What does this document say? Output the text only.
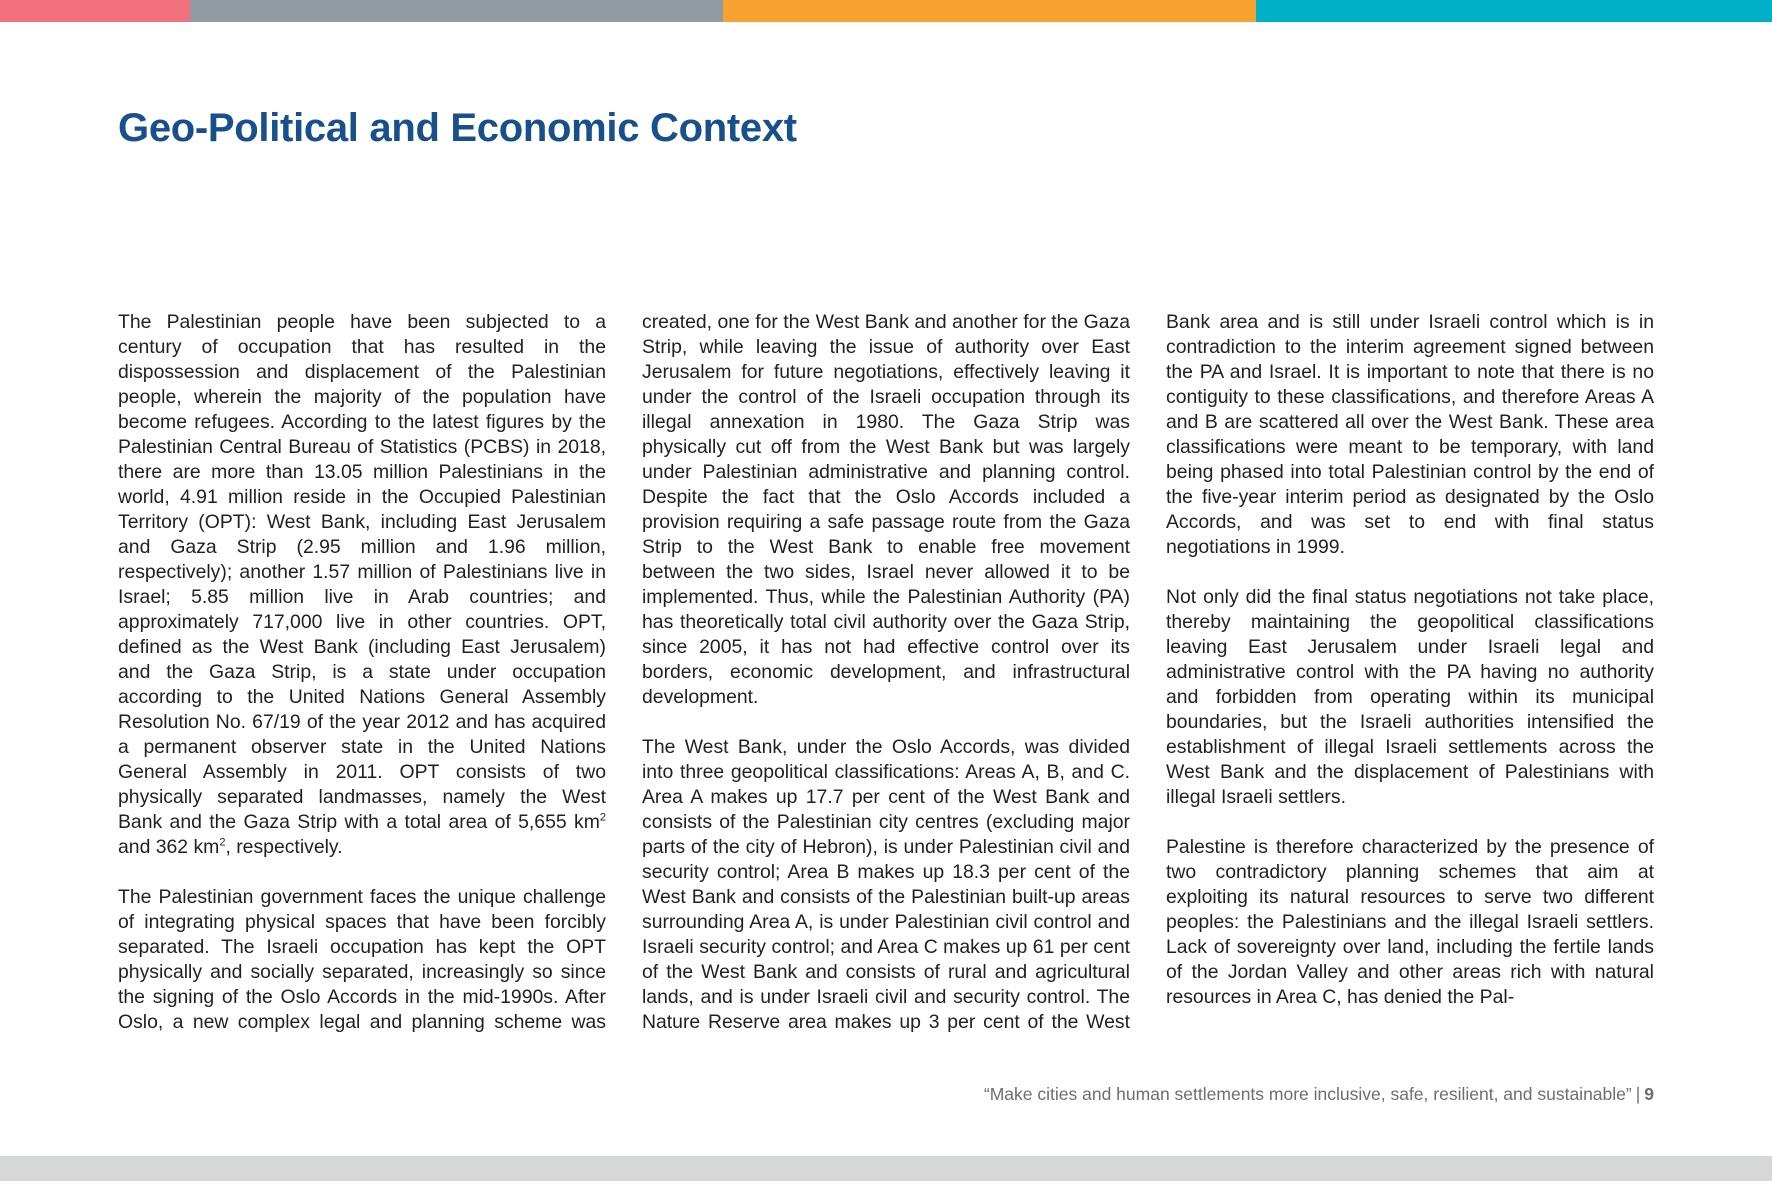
Geo-Political and Economic Context

The Palestinian people have been subjected to a century of occupation that has resulted in the dispossession and displacement of the Palestinian people, wherein the majority of the population have become refugees. According to the latest figures by the Palestinian Central Bureau of Statistics (PCBS) in 2018, there are more than 13.05 million Palestinians in the world, 4.91 million reside in the Occupied Palestinian Territory (OPT): West Bank, including East Jerusalem and Gaza Strip (2.95 million and 1.96 million, respectively); another 1.57 million of Palestinians live in Israel; 5.85 million live in Arab countries; and approximately 717,000 live in other countries. OPT, defined as the West Bank (including East Jerusalem) and the Gaza Strip, is a state under occupation according to the United Nations General Assembly Resolution No. 67/19 of the year 2012 and has acquired a permanent observer state in the United Nations General Assembly in 2011. OPT consists of two physically separated landmasses, namely the West Bank and the Gaza Strip with a total area of 5,655 $km^2$ and 362 $km^2$, respectively.

The Palestinian government faces the unique challenge of integrating physical spaces that have been forcibly separated. The Israeli occupation has kept the OPT physically and socially separated, increasingly so since the signing of the Oslo Accords in the mid-1990s. After Oslo, a new complex legal and planning scheme was created, one for the West Bank and another for the Gaza Strip, while leaving the issue of authority over East Jerusalem for future negotiations, effectively leaving it under the control of the Israeli occupation through its illegal annexation in 1980. The Gaza Strip was physically cut off from the West Bank but was largely under Palestinian administrative and planning control. Despite the fact that the Oslo Accords included a provision requiring a safe passage route from the Gaza Strip to the West Bank to enable free movement between the two sides, Israel never allowed it to be implemented. Thus, while the Palestinian Authority (PA) has theoretically total civil authority over the Gaza Strip, since 2005, it has not had effective control over its borders, economic development, and infrastructural development.

The West Bank, under the Oslo Accords, was divided into three geopolitical classifications: Areas A, B, and C. Area A makes up 17.7 per cent of the West Bank and consists of the Palestinian city centres (excluding major parts of the city of Hebron), is under Palestinian civil and security control; Area B makes up 18.3 per cent of the West Bank and consists of the Palestinian built-up areas surrounding Area A, is under Palestinian civil control and Israeli security control; and Area C makes up 61 per cent of the West Bank and consists of rural and agricultural lands, and is under Israeli civil and security control. The Nature Reserve area makes up 3 per cent of the West Bank area and is still under Israeli control which is in contradiction to the interim agreement signed between the PA and Israel. It is important to note that there is no contiguity to these classifications, and therefore Areas A and B are scattered all over the West Bank. These area classifications were meant to be temporary, with land being phased into total Palestinian control by the end of the five-year interim period as designated by the Oslo Accords, and was set to end with final status negotiations in 1999.

Not only did the final status negotiations not take place, thereby maintaining the geopolitical classifications leaving East Jerusalem under Israeli legal and administrative control with the PA having no authority and forbidden from operating within its municipal boundaries, but the Israeli authorities intensified the establishment of illegal Israeli settlements across the West Bank and the displacement of Palestinians with illegal Israeli settlers.

Palestine is therefore characterized by the presence of two contradictory planning schemes that aim at exploiting its natural resources to serve two different peoples: the Palestinians and the illegal Israeli settlers. Lack of sovereignty over land, including the fertile lands of the Jordan Valley and other areas rich with natural resources in Area C, has denied the Pal-

“Make cities and human settlements more inclusive, safe, resilient, and sustainable” | 9
